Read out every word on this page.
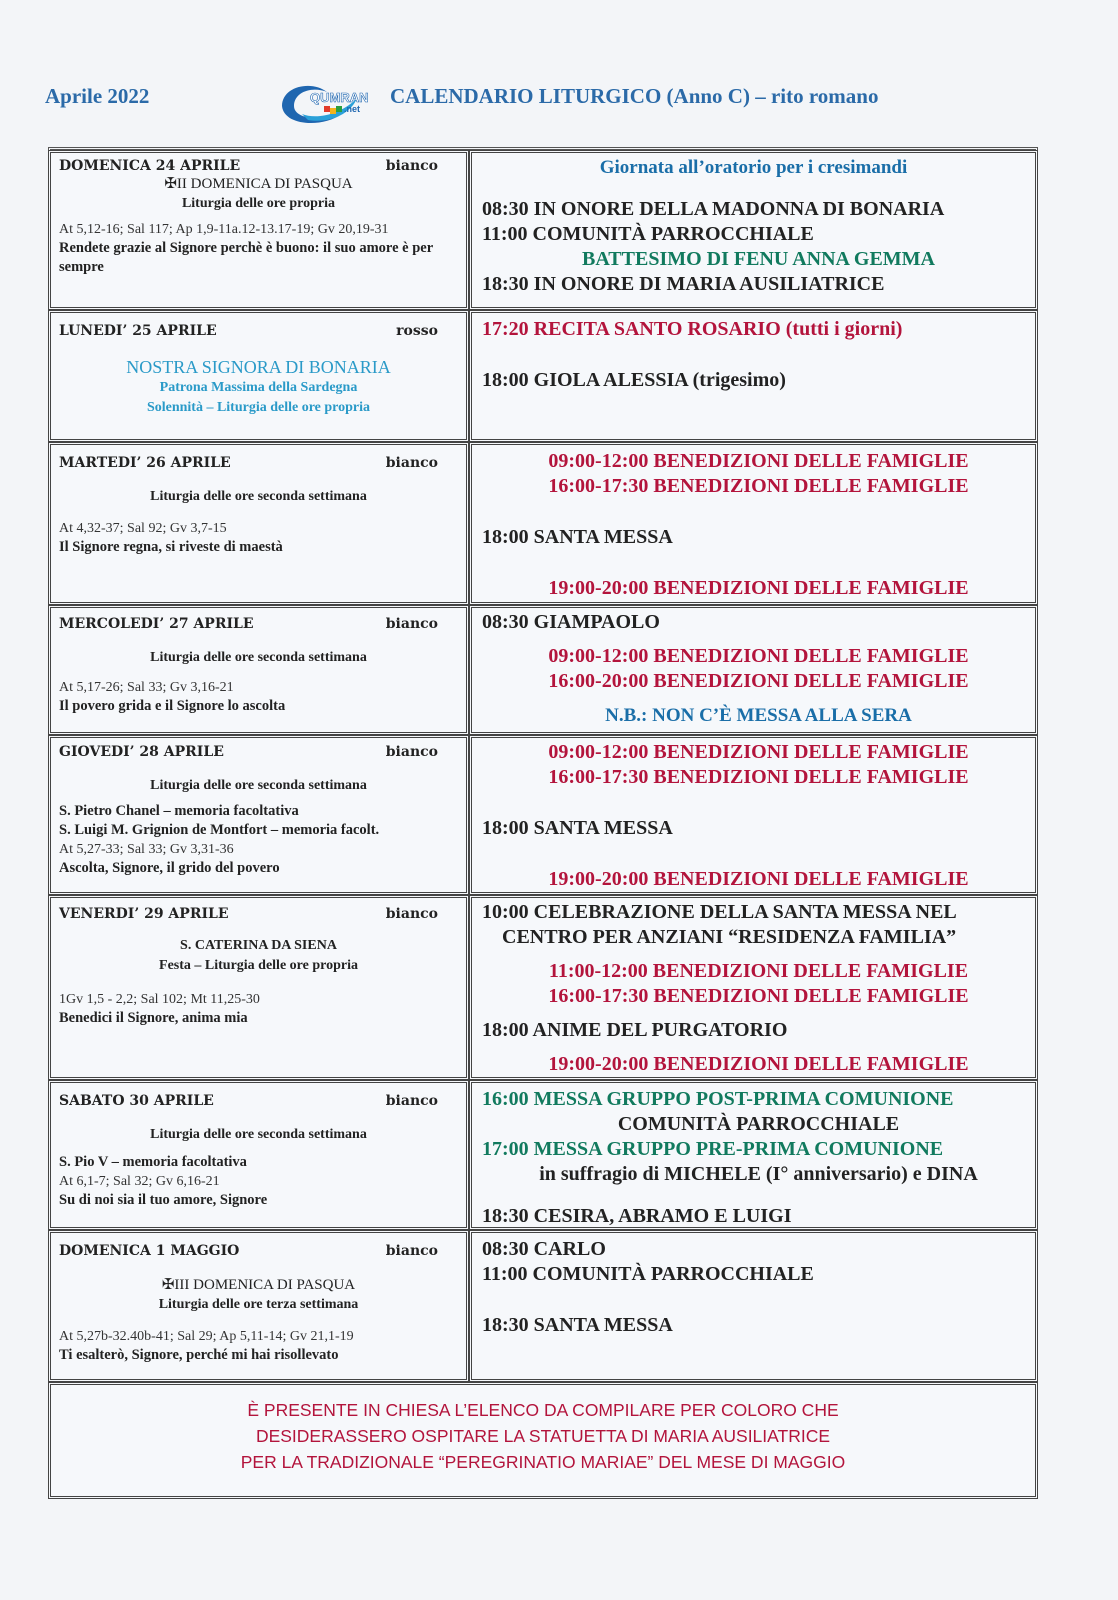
Aprile 2022	QUMRAN
.net
CALENDARIO LITURGICO (Anno C) – rito romano
DOMENICA 24 APRILE	bianco
✠II DOMENICA DI PASQUA
Liturgia delle ore propria
At 5,12-16; Sal 117; Ap 1,9-11a.12-13.17-19; Gv 20,19-31
Rendete grazie al Signore perchè è buono: il suo amore è per sempre
Giornata all’oratorio per i cresimandi
08:30 IN ONORE DELLA MADONNA DI BONARIA
11:00 COMUNITÀ PARROCCHIALE
BATTESIMO DI FENU ANNA GEMMA
18:30 IN ONORE DI MARIA AUSILIATRICE
LUNEDI’ 25 APRILE	rosso
NOSTRA SIGNORA DI BONARIA
Patrona Massima della Sardegna
Solennità – Liturgia delle ore propria
17:20 RECITA SANTO ROSARIO (tutti i giorni)
18:00 GIOLA ALESSIA (trigesimo)
MARTEDI’ 26 APRILE	bianco
Liturgia delle ore seconda settimana
At 4,32-37; Sal 92; Gv 3,7-15
Il Signore regna, si riveste di maestà
09:00-12:00 BENEDIZIONI DELLE FAMIGLIE
16:00-17:30 BENEDIZIONI DELLE FAMIGLIE
18:00 SANTA MESSA
19:00-20:00 BENEDIZIONI DELLE FAMIGLIE
MERCOLEDI’ 27 APRILE	bianco
Liturgia delle ore seconda settimana
At 5,17-26; Sal 33; Gv 3,16-21
Il povero grida e il Signore lo ascolta
08:30 GIAMPAOLO
09:00-12:00 BENEDIZIONI DELLE FAMIGLIE
16:00-20:00 BENEDIZIONI DELLE FAMIGLIE
N.B.: NON C’È MESSA ALLA SERA
GIOVEDI’ 28 APRILE	bianco
Liturgia delle ore seconda settimana
S. Pietro Chanel – memoria facoltativa
S. Luigi M. Grignion de Montfort – memoria facolt.
At 5,27-33; Sal 33; Gv 3,31-36
Ascolta, Signore, il grido del povero
09:00-12:00 BENEDIZIONI DELLE FAMIGLIE
16:00-17:30 BENEDIZIONI DELLE FAMIGLIE
18:00 SANTA MESSA
19:00-20:00 BENEDIZIONI DELLE FAMIGLIE
VENERDI’ 29 APRILE	bianco
S. CATERINA DA SIENA
Festa – Liturgia delle ore propria
1Gv 1,5 - 2,2; Sal 102; Mt 11,25-30
Benedici il Signore, anima mia
10:00 CELEBRAZIONE DELLA SANTA MESSA NEL
CENTRO PER ANZIANI “RESIDENZA FAMILIA”
11:00-12:00 BENEDIZIONI DELLE FAMIGLIE
16:00-17:30 BENEDIZIONI DELLE FAMIGLIE
18:00 ANIME DEL PURGATORIO
19:00-20:00 BENEDIZIONI DELLE FAMIGLIE
SABATO 30 APRILE	bianco
Liturgia delle ore seconda settimana
S. Pio V – memoria facoltativa
At 6,1-7; Sal 32; Gv 6,16-21
Su di noi sia il tuo amore, Signore
16:00 MESSA GRUPPO POST-PRIMA COMUNIONE
COMUNITÀ PARROCCHIALE
17:00 MESSA GRUPPO PRE-PRIMA COMUNIONE
in suffragio di MICHELE (I° anniversario) e DINA
18:30 CESIRA, ABRAMO E LUIGI
DOMENICA 1 MAGGIO	bianco
✠III DOMENICA DI PASQUA
Liturgia delle ore terza settimana
At 5,27b-32.40b-41; Sal 29; Ap 5,11-14; Gv 21,1-19
Ti esalterò, Signore, perché mi hai risollevato
08:30 CARLO
11:00 COMUNITÀ PARROCCHIALE
18:30 SANTA MESSA
È PRESENTE IN CHIESA L’ELENCO DA COMPILARE PER COLORO CHE
DESIDERASSERO OSPITARE LA STATUETTA DI MARIA AUSILIATRICE
PER LA TRADIZIONALE “PEREGRINATIO MARIAE” DEL MESE DI MAGGIO
